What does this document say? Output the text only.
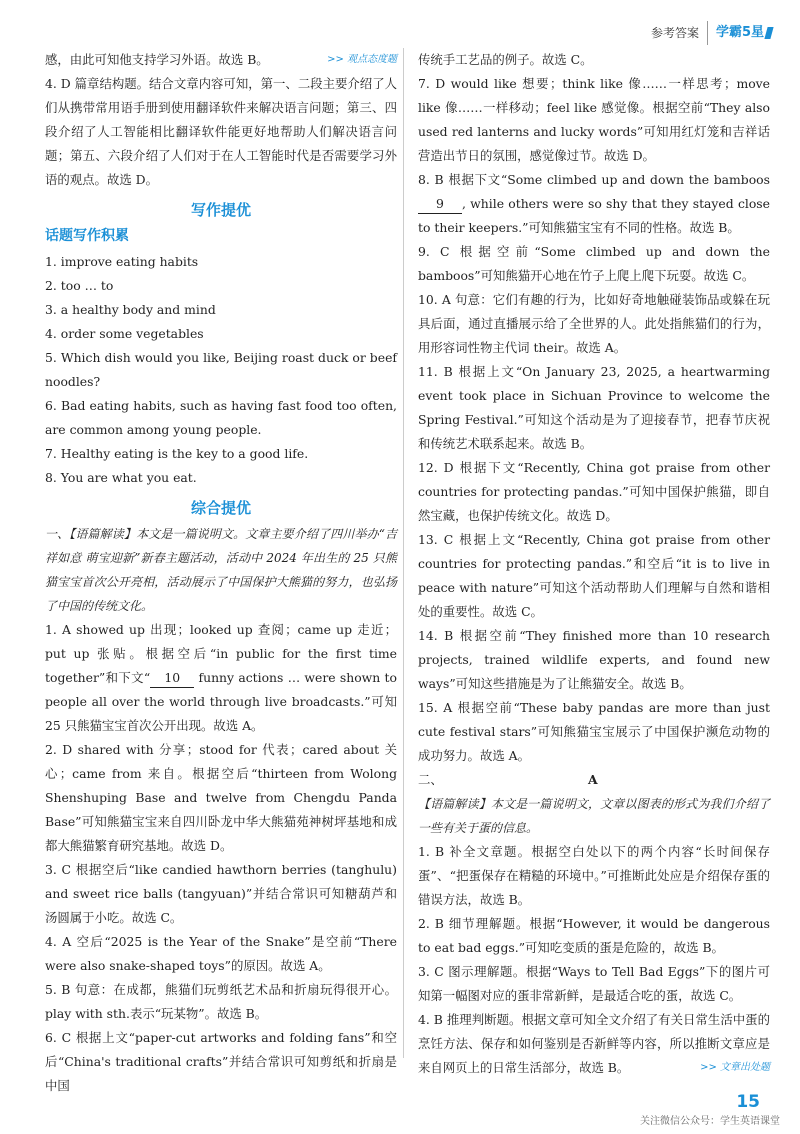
参考答案	学霸5星

感，由此可知他支持学习外语。故选 B。	>> 观点态度题

4. D 篇章结构题。结合文章内容可知，第一、二段主要介绍了人们从携带常用语手册到使用翻译软件来解决语言问题；第三、四段介绍了人工智能相比翻译软件能更好地帮助人们解决语言问题；第五、六段介绍了人们对于在人工智能时代是否需要学习外语的观点。故选 D。

写作提优
话题写作积累

1. improve eating habits

2. too … to

3. a healthy body and mind

4. order some vegetables

5. Which dish would you like, Beijing roast duck or beef noodles?

6. Bad eating habits, such as having fast food too often, are common among young people.

7. Healthy eating is the key to a good life.

8. You are what you eat.

综合提优

一、【语篇解读】本文是一篇说明文。文章主要介绍了四川举办“吉祥如意 萌宝迎新”新春主题活动，活动中 2024 年出生的 25 只熊猫宝宝首次公开亮相，活动展示了中国保护大熊猫的努力，也弘扬了中国的传统文化。

1. A showed up 出现；looked up 查阅；came up 走近；put up 张贴。根据空后“in public for the first time together”和下文“ 10 funny actions … were shown to people all over the world through live broadcasts.”可知 25 只熊猫宝宝首次公开出现。故选 A。

2. D shared with 分享；stood for 代表；cared about 关心；came from 来自。根据空后“thirteen from Wolong Shenshuping Base and twelve from Chengdu Panda Base”可知熊猫宝宝来自四川卧龙中华大熊猫苑神树坪基地和成都大熊猫繁育研究基地。故选 D。

3. C 根据空后“like candied hawthorn berries (tanghulu) and sweet rice balls (tangyuan)”并结合常识可知糖葫芦和汤圆属于小吃。故选 C。

4. A 空后“2025 is the Year of the Snake”是空前“There were also snake-shaped toys”的原因。故选 A。

5. B 句意：在成都，熊猫们玩剪纸艺术品和折扇玩得很开心。play with sth.表示“玩某物”。故选 B。

6. C 根据上文“paper-cut artworks and folding fans”和空后“China's traditional crafts”并结合常识可知剪纸和折扇是中国

传统手工艺品的例子。故选 C。

7. D would like 想要；think like 像……一样思考；move like 像……一样移动；feel like 感觉像。根据空前“They also used red lanterns and lucky words”可知用红灯笼和吉祥话营造出节日的氛围，感觉像过节。故选 D。

8. B 根据下文“Some climbed up and down the bamboos 9 , while others were so shy that they stayed close to their keepers.”可知熊猫宝宝有不同的性格。故选 B。

9. C 根据空前“Some climbed up and down the bamboos”可知熊猫开心地在竹子上爬上爬下玩耍。故选 C。

10. A 句意：它们有趣的行为，比如好奇地触碰装饰品或躲在玩具后面，通过直播展示给了全世界的人。此处指熊猫们的行为，用形容词性物主代词 their。故选 A。

11. B 根据上文“On January 23, 2025, a heartwarming event took place in Sichuan Province to welcome the Spring Festival.”可知这个活动是为了迎接春节，把春节庆祝和传统艺术联系起来。故选 B。

12. D 根据下文“Recently, China got praise from other countries for protecting pandas.”可知中国保护熊猫，即自然宝藏，也保护传统文化。故选 D。

13. C 根据上文“Recently, China got praise from other countries for protecting pandas.”和空后“it is to live in peace with nature”可知这个活动帮助人们理解与自然和谐相处的重要性。故选 C。

14. B 根据空前“They finished more than 10 research projects, trained wildlife experts, and found new ways”可知这些措施是为了让熊猫安全。故选 B。

15. A 根据空前“These baby pandas are more than just cute festival stars”可知熊猫宝宝展示了中国保护濒危动物的成功努力。故选 A。

二、	A

【语篇解读】本文是一篇说明文，文章以图表的形式为我们介绍了一些有关于蛋的信息。

1. B 补全文章题。根据空白处以下的两个内容“长时间保存蛋”、“把蛋保存在精糙的环境中。”可推断此处应是介绍保存蛋的错误方法，故选 B。

2. B 细节理解题。根据“However, it would be dangerous to eat bad eggs.”可知吃变质的蛋是危险的，故选 B。

3. C 图示理解题。根据“Ways to Tell Bad Eggs”下的图片可知第一幅图对应的蛋非常新鲜，是最适合吃的蛋，故选 C。

4. B 推理判断题。根据文章可知全文介绍了有关日常生活中蛋的烹饪方法、保存和如何鉴别是否新鲜等内容，所以推断文章应是来自网页上的日常生活部分，故选 B。	>> 文章出处题

15
关注微信公众号：学生英语课堂
